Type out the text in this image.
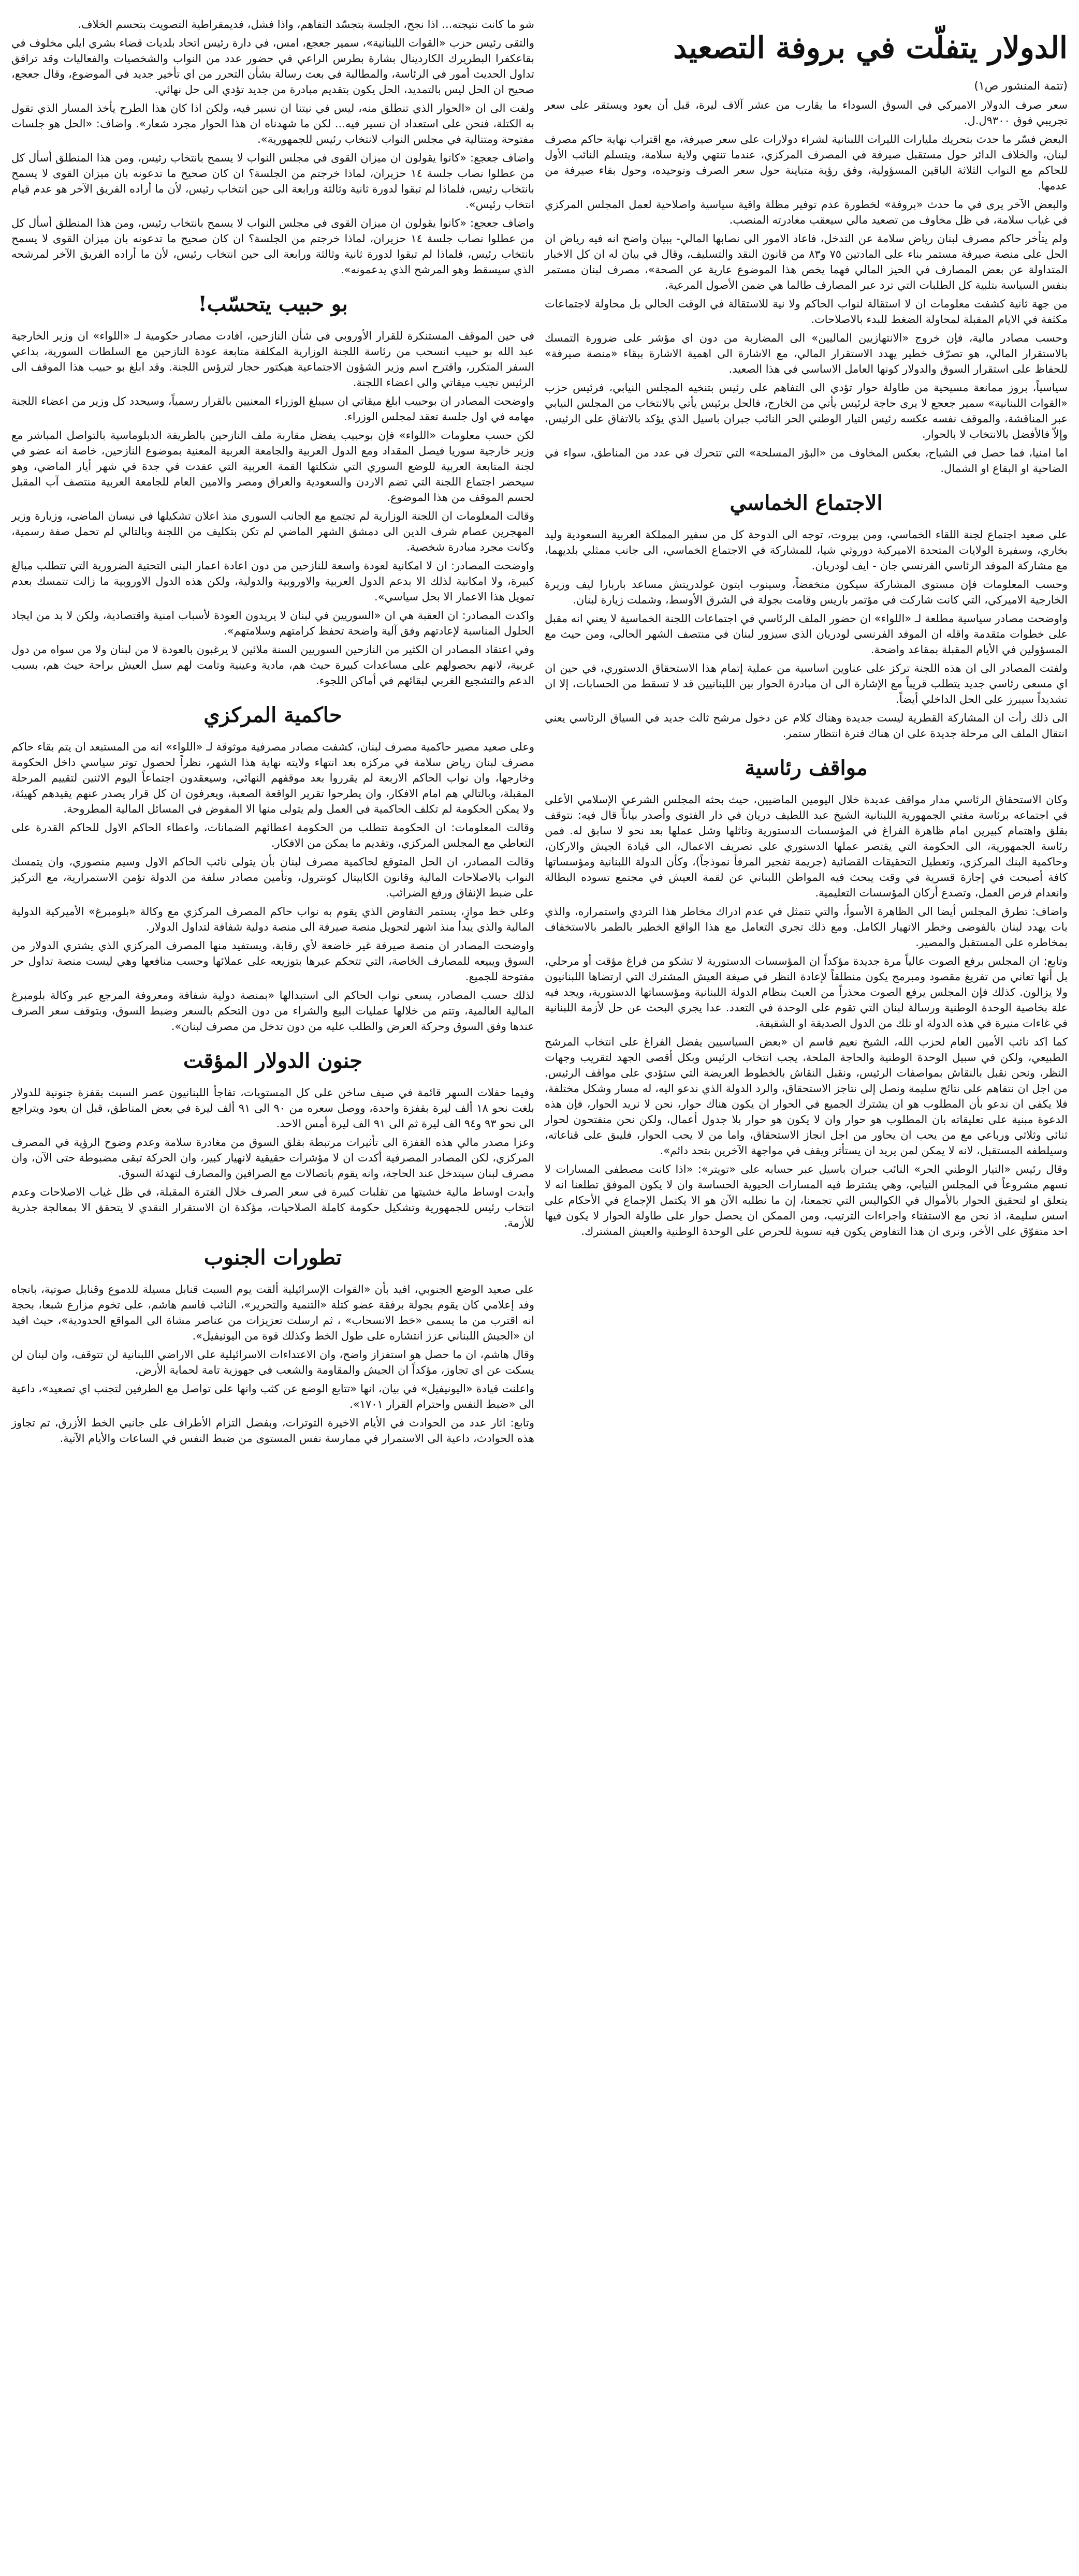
الدولار يتفلّت في بروفة التصعيد
(تتمة المنشور ص١)

سعر صرف الدولار الاميركي في السوق السوداء ما يقارب من عشر آلاف ليرة، قبل أن يعود ويستقر على سعر تجريبي فوق ٩٣٠٠ل.ل.

البعض فسّر ما حدث بتحريك مليارات الليرات اللبنانية لشراء دولارات على سعر صيرفة، مع اقتراب نهاية حاكم مصرف لبنان، والخلاف الدائر حول مستقبل صيرفة في المصرف المركزي، عندما تنتهي ولاية سلامة، ويتسلم النائب الأول للحاكم مع النواب الثلاثة الباقين المسؤولية، وفق رؤية متباينة حول سعر الصرف وتوحيده، وحول بقاء صيرفة من عدمها.

والبعض الآخر يرى في ما حدث «بروفة» لخطورة عدم توفير مظلة واقية سياسية واصلاحية لعمل المجلس المركزي في غياب سلامة، في ظل مخاوف من تصعيد مالي سيعقب مغادرته المنصب.

ولم يتأخر حاكم مصرف لبنان رياض سلامة عن التدخل، فاعاد الامور الى نصابها المالي- ببيان واضح انه فيه رياض ان الحل على منصة صيرفة مستمر بناء على المادتين ٧٥ و٨٣ من قانون النقد والتسليف، وقال في بيان له ان كل الاخبار المتداولة عن بعض المصارف في الحيز المالي فهما يخص هذا الموضوع عارية عن الصحة»، مصرف لبنان مستمر بنفس السياسة بتلبية كل الطلبات التي ترد عبر المصارف طالما هي ضمن الأصول المرعية.

من جهة ثانية كشفت معلومات ان لا استقالة لنواب الحاكم ولا نية للاستقالة في الوقت الحالي بل محاولة لاجتماعات مكثفة في الايام المقبلة لمحاولة الضغط للبدء بالاصلاحات.

وحسب مصادر مالية، فإن خروج «الانتهازيين الماليين» الى المضاربة من دون اي مؤشر على ضرورة التمسك بالاستقرار المالي، هو تصرّف خطير يهدد الاستقرار المالي، مع الاشارة الى اهمية الاشارة ببقاء «منصة صيرفة» للحفاظ على استقرار السوق والدولار كونها العامل الاساسي في هذا الصعيد.

سياسياً، بروز ممانعة مسيحية من طاولة حوار تؤدي الى التفاهم على رئيس بتنخيه المجلس النيابي، فرئيس حزب «القوات اللبنانية» سمير جعجع لا يرى حاجة لرئيس يأتي من الخارج، فالحل برئيس يأتي بالانتخاب من المجلس النيابي عبر المناقشة، والموقف نفسه عكسه رئيس التيار الوطني الحر النائب جبران باسيل الذي يؤكد بالاتفاق على الرئيس، وإلاّ فالأفضل بالانتخاب لا بالحوار.

اما امنيا، فما حصل في الشياح، بعكس المخاوف من «البؤر المسلحة» التي تتحرك في عدد من المناطق، سواء في الضاحية او البقاع او الشمال.

الاجتماع الخماسي

على صعيد اجتماع لجنة اللقاء الخماسي، ومن بيروت، توجه الى الدوحة كل من سفير المملكة العربية السعودية وليد بخاري، وسفيرة الولايات المتحدة الاميركية دوروثي شيا، للمشاركة في الاجتماع الخماسي، الى جانب ممثلي بلديهما، مع مشاركة الموفد الرئاسي الفرنسي جان - ايف لودريان.

وحسب المعلومات فإن مستوى المشاركة سيكون منخفضاً، وسينوب ايتون غولدريتش مساعد باربارا ليف وزيرة الخارجية الاميركي، التي كانت شاركت في مؤتمر باريس وقامت بجولة في الشرق الأوسط، وشملت زيارة لبنان.

واوضحت مصادر سياسية مطلعة لـ «اللواء» ان حضور الملف الرئاسي في اجتماعات اللجنة الخماسية لا يعني انه مقبل على خطوات متقدمة واقله ان الموفد الفرنسي لودريان الذي سيزور لبنان في منتصف الشهر الحالي، ومن حيث مع المسؤولين في الأيام المقبلة بمقاعد واضحة.

ولفتت المصادر الى ان هذه اللجنة تركز على عناوين اساسية من عملية إتمام هذا الاستحقاق الدستوري، في حين ان اي مسعى رئاسي جديد يتطلب قريباً مع الإشارة الى ان مبادرة الحوار بين اللبنانيين قد لا تسقط من الحسابات، إلا ان تشديداً سيبرز على الحل الداخلي أيضاً.

الى ذلك رأت ان المشاركة القطرية ليست جديدة وهناك كلام عن دخول مرشح ثالث جديد في السياق الرئاسي يعني انتقال الملف الى مرحلة جديدة على ان هناك فترة انتظار ستمر.

مواقف رئاسية

وكان الاستحقاق الرئاسي مدار مواقف عديدة خلال اليومين الماضيين، حيث بحثه المجلس الشرعي الإسلامي الأعلى في اجتماعه برئاسة مفتي الجمهورية اللبنانية الشيخ عبد اللطيف دريان في دار الفتوى وأصدر بياناً قال فيه: نتوقف بقلق واهتمام كبيرين امام ظاهرة الفراغ في المؤسسات الدستورية وتاثلها وشل عملها بعد نحو لا سابق له. فمن رئاسة الجمهورية، الى الحكومة التي يقتصر عملها الدستوري على تصريف الاعمال، الى قيادة الجيش والاركان، وحاكمية البنك المركزي، وتعطيل التحقيقات القضائية (جريمة تفجير المرفأ نموذجاً)، وكأن الدولة اللبنانية ومؤسساتها كافة أصبحت في إجازة قسرية في وقت يبحث فيه المواطن اللبناني عن لقمة العيش في مجتمع تسوده البطالة وانعدام فرص العمل، وتصدع أركان المؤسسات التعليمية.

واضاف: تطرق المجلس أيضا الى الظاهرة الأسوأ، والتي تتمثل في عدم ادراك مخاطر هذا التردي واستمراره، والذي بات يهدد لبنان بالفوضى وخطر الانهيار الكامل. ومع ذلك تجري التعامل مع هذا الواقع الخطير بالطمر بالاستخفاف بمخاطره على المستقبل والمصير.

وتابع: ان المجلس برفع الصوت عالياً مرة جديدة مؤكداً ان المؤسسات الدستورية لا تشكو من فراغ مؤقت أو مرحلي، بل أنها تعاني من تفريغ مقصود ومبرمج يكون منطلقاً لإعادة النظر في صيغة العيش المشترك التي ارتضاها اللبنانيون ولا يزالون. كذلك فإن المجلس يرفع الصوت محذراً من العبث بنظام الدولة اللبنانية ومؤسساتها الدستورية، ويجد فيه علة بخاصية الوحدة الوطنية ورسالة لبنان التي تقوم على الوحدة في التعدد. عدا يجري البحث عن حل لأزمة اللبنانية في غاءات منيرة في هذه الدولة او تلك من الدول الصديقة او الشقيقة.

كما اكد نائب الأمين العام لحزب الله، الشيخ نعيم قاسم ان «بعض السياسيين يفضل الفراغ على انتخاب المرشح الطبيعي، ولكن في سبيل الوحدة الوطنية والحاجة الملحة، يجب انتخاب الرئيس وبكل أقصى الجهد لتقريب وجهات النظر، ونحن نقبل بالنقاش بمواصفات الرئيس، ونقبل النقاش بالخطوط العريضة التي ستؤدي على مواقف الرئيس. من اجل ان نتفاهم على نتائج سليمة ونصل إلى نتاجز الاستحقاق، والرد الدولة الذي ندعو اليه، له مسار وشكل مختلفة، فلا يكفي ان ندعو بأن المطلوب هو ان يشترك الجميع في الحوار ان يكون هناك حوار، نحن لا نريد الحوار، فإن هذه الدعوة مبنية على تعليقاته بان المطلوب هو حوار وان لا يكون هو حوار بلا جدول أعمال، ولكن نحن منفتحون لحوار ثنائي وثلاثي ورباعي مع من يحب ان يحاور من اجل انجاز الاستحقاق، واما من لا يحب الحوار، فليبق على قناعاته، وسيلطفه المستقبل، لانه لا يمكن لمن يريد ان يستأثر ويقف في مواجهة الآخرين بتحد دائم».

وقال رئيس «التيار الوطني الحر» النائب جبران باسيل عبر حسابه على «تويتر»: «اذا كانت مصطفى المسارات لا نسهم مشروعاً في المجلس النيابي، وهي يشترط فيه المسارات الحيوية الحساسة وان لا يكون الموفق تطلعنا انه لا يتعلق او لتحقيق الحوار بالأموال في الكواليس التي تجمعنا، إن ما نطلبه الآن هو الا يكتمل الإجماع في الأحكام على اسس سليمة، اذ نحن مع الاستفتاء واجراءات الترتيب، ومن الممكن ان يحصل حوار على طاولة الحوار لا يكون فيها احد متفوّق على الأخر، ونرى ان هذا التفاوض يكون فيه تسوية للحرص على الوحدة الوطنية والعيش المشترك.

شو ما كانت نتيجته... اذا نجح، الجلسة بتجسّد التفاهم، واذا فشل، فديمقراطية التصويت بتحسم الخلاف.

والتقى رئيس حزب «القوات اللبنانية»، سمير جعجع، امس، في دارة رئيس اتحاد بلديات قضاء بشري ايلي مخلوف في بقاعكفرا البطريرك الكاردينال بشارة بطرس الراعي في حضور عدد من النواب والشخصيات والفعاليات وقد ترافق تداول الحديث أمور في الرئاسة، والمطالبة في بعث رسالة بشأن التحرر من اي تأخير جديد في الموضوع، وقال جعجع، صحيح ان الحل ليس بالتمديد، الحل يكون بتقديم مبادرة من جديد تؤدي الى حل نهائي.

ولفت الى ان «الحوار الذي تنطلق منه، ليس في نيتنا ان نسير فيه، ولكن اذا كان هذا الطرح يأخذ المسار الذي تقول به الكتلة، فنحن على استعداد ان نسير فيه... لكن ما شهدناه ان هذا الحوار مجرد شعار». واضاف: «الحل هو جلسات مفتوحة ومتتالية في مجلس النواب لانتخاب رئيس للجمهورية».

واضاف جعجع: «كانوا يقولون ان ميزان القوى في مجلس النواب لا يسمح بانتخاب رئيس، ومن هذا المنطلق أسأل كل من عطلوا نصاب جلسة ١٤ حزيران، لماذا خرجتم من الجلسة؟ ان كان صحيح ما تدعونه بان ميزان القوى لا يسمح بانتخاب رئيس، فلماذا لم تبقوا لدورة ثانية وثالثة ورابعة الى حين انتخاب رئيس، لأن ما أراده الفريق الآخر هو عدم قيام انتخاب رئيس».

واضاف جعجع: «كانوا يقولون ان ميزان القوى في مجلس النواب لا يسمح بانتخاب رئيس، ومن هذا المنطلق أسأل كل من عطلوا نصاب جلسة ١٤ حزيران، لماذا خرجتم من الجلسة؟ ان كان صحيح ما تدعونه بان ميزان القوى لا يسمح بانتخاب رئيس، فلماذا لم تبقوا لدورة ثانية وثالثة ورابعة الى حين انتخاب رئيس، لأن ما أراده الفريق الآخر لمرشحه الذي سيسقط وهو المرشح الذي يدعمونه».

بو حبيب يتحسّب!

في حين الموقف المستنكرة للقرار الأوروبي في شأن النازحين، افادت مصادر حكومية لـ «اللواء» ان وزير الخارجية عبد الله بو حبيب انسحب من رئاسة اللجنة الوزارية المكلفة متابعة عودة النازحين مع السلطات السورية، بداعي السفر المتكرر، واقترح اسم وزير الشؤون الاجتماعية هيكتور حجار لترؤس اللجنة. وقد ابلغ بو حبيب هذا الموقف الى الرئيس نجيب ميقاتي والى اعضاء اللجنة.

واوضحت المصادر ان بوحبيب ابلغ ميقاتي ان سيبلغ الوزراء المعنيين بالقرار رسمياً، وسيحدد كل وزير من اعضاء اللجنة مهامه في اول جلسة تعقد لمجلس الوزراء.

لكن حسب معلومات «اللواء» فإن بوحبيب يفضل مقاربة ملف النازحين بالطريقة الدبلوماسية بالتواصل المباشر مع وزير خارجية سوريا فيصل المقداد ومع الدول العربية والجامعة العربية المعنية بموضوع النازحين، خاصة انه عضو في لجنة المتابعة العربية للوضع السوري التي شكلتها القمة العربية التي عقدت في جدة في شهر أيار الماضي، وهو سيحضر اجتماع اللجنة التي تضم الاردن والسعودية والعراق ومصر والامين العام للجامعة العربية منتصف آب المقبل لحسم الموقف من هذا الموضوع.

وقالت المعلومات ان اللجنة الوزارية لم تجتمع مع الجانب السوري منذ اعلان تشكيلها في نيسان الماضي، وزيارة وزير المهجرين عصام شرف الدين الى دمشق الشهر الماضي لم تكن بتكليف من اللجنة وبالتالي لم تحمل صفة رسمية، وكانت مجرد مبادرة شخصية.

واوضحت المصادر: ان لا امكانية لعودة واسعة للنازحين من دون اعادة اعمار البنى التحتية الضرورية التي تتطلب مبالغ كبيرة، ولا امكانية لذلك الا بدعم الدول العربية والاوروبية والدولية، ولكن هذه الدول الاوروبية ما زالت تتمسك بعدم تمويل هذا الاعمار الا بحل سياسي».

واكدت المصادر: ان العقبة هي ان «السوريين في لبنان لا يريدون العودة لأسباب امنية واقتصادية، ولكن لا بد من ايجاد الحلول المناسبة لإعادتهم وفق آلية واضحة تحفظ كرامتهم وسلامتهم».

وفي اعتقاد المصادر ان الكثير من النازحين السوريين السنة ملائين لا يرغبون بالعودة لا من لبنان ولا من سواه من دول غربية، لانهم بحصولهم على مساعدات كبيرة حيث هم، مادية وعينية وتامت لهم سبل العيش براحة حيث هم، بسبب الدعم والتشجيع الغربي لبقائهم في أماكن اللجوء.

حاكمية المركزي

وعلى صعيد مصير حاكمية مصرف لبنان، كشفت مصادر مصرفية موثوقة لـ «اللواء» انه من المستبعد ان يتم بقاء حاكم مصرف لبنان رياض سلامة في مركزه بعد انتهاء ولايته نهاية هذا الشهر، نظراً لحصول توتر سياسي داخل الحكومة وخارجها، وان نواب الحاكم الاربعة لم يقرروا بعد موقفهم النهائي، وسيعقدون اجتماعاً اليوم الاثنين لتقييم المرحلة المقبلة، وبالتالي هم امام الافكار، وان يطرحوا تقرير الواقعة الصعبة، ويعرفون ان كل قرار يصدر عنهم يقيدهم كهيئة، ولا يمكن الحكومة لم تكلف الحاكمية في العمل ولم يتولى منها الا المفوض في المسائل المالية المطروحة.

وقالت المعلومات: ان الحكومة تتطلب من الحكومة اعطائهم الضمانات، واعطاء الحاكم الاول للحاكم القدرة على التعاطي مع المجلس المركزي، وتقديم ما يمكن من الافكار.

وقالت المصادر، ان الحل المتوقع لحاكمية مصرف لبنان بأن يتولى نائب الحاكم الاول وسيم منصوري، وان يتمسك النواب بالاصلاحات المالية وقانون الكابيتال كونترول، وتأمين مصادر سلفة من الدولة تؤمن الاستمرارية، مع التركيز على ضبط الإنفاق ورفع الضرائب.

وعلى خط موازٍ، يستمر التفاوض الذي يقوم به نواب حاكم المصرف المركزي مع وكالة «بلومبرغ» الأميركية الدولية المالية والذي يبدأ منذ اشهر لتحويل منصة صيرفة الى منصة دولية شفافة لتداول الدولار.

واوضحت المصادر ان منصة صيرفة غير خاضعة لأي رقابة، ويستفيد منها المصرف المركزي الذي يشتري الدولار من السوق ويبيعه للمصارف الخاصة، التي تتحكم عبرها بتوزيعه على عملائها وحسب منافعها وهي ليست منصة تداول حر مفتوحة للجميع.

لذلك حسب المصادر، يسعى نواب الحاكم الى استبدالها «بمنصة دولية شفافة ومعروفة المرجع عبر وكالة بلومبرغ المالية العالمية، وتتم من خلالها عمليات البيع والشراء من دون التحكم بالسعر وضبط السوق، وبتوقف سعر الصرف عندها وفق السوق وحركة العرض والطلب عليه من دون تدخل من مصرف لبنان».

جنون الدولار المؤقت

وفيما حفلات السهر قائمة في صيف ساخن على كل المستويات، تفاجأ اللبنانيون عصر السبت بقفزة جنونية للدولار بلغت نحو ١٨ ألف ليرة بقفزة واحدة، ووصل سعره من ٩٠ الى ٩١ ألف ليرة في بعض المناطق، قبل ان يعود ويتراجع الى نحو ٩٣ و٩٤ الف ليرة ثم الى ٩١ الف ليرة أمس الاحد.

وعزا مصدر مالي هذه القفزة الى تأثيرات مرتبطة بقلق السوق من مغادرة سلامة وعدم وضوح الرؤية في المصرف المركزي، لكن المصادر المصرفية أكدت ان لا مؤشرات حقيقية لانهيار كبير، وان الحركة تبقى مضبوطة حتى الآن، وان مصرف لبنان سيتدخل عند الحاجة، وانه يقوم باتصالات مع الصرافين والمصارف لتهدئة السوق.

وأبدت اوساط مالية خشيتها من تقلبات كبيرة في سعر الصرف خلال الفترة المقبلة، في ظل غياب الاصلاحات وعدم انتخاب رئيس للجمهورية وتشكيل حكومة كاملة الصلاحيات، مؤكدة ان الاستقرار النقدي لا يتحقق الا بمعالجة جذرية للأزمة.

تطورات الجنوب

على صعيد الوضع الجنوبي، افيد بأن «القوات الإسرائيلية ألقت يوم السبت قنابل مسيلة للدموع وقنابل صوتية، باتجاه وفد إعلامي كان يقوم بجولة برفقة عضو كتلة «التنمية والتحرير»، النائب قاسم هاشم، على تخوم مزارع شبعا، بحجة انه اقترب من ما يسمى «خط الانسحاب» ، ثم ارسلت تعزيزات من عناصر مشاة الى المواقع الحدودية»، حيث افيد ان «الجيش اللبناني عزز انتشاره على طول الخط وكذلك قوة من اليونيفيل».

وقال هاشم، ان ما حصل هو استفزاز واضح، وان الاعتداءات الاسرائيلية على الاراضي اللبنانية لن تتوقف، وان لبنان لن يسكت عن اي تجاوز، مؤكداً ان الجيش والمقاومة والشعب في جهوزية تامة لحماية الأرض.

واعلنت قيادة «اليونيفيل» في بيان، انها «تتابع الوضع عن كثب وانها على تواصل مع الطرفين لتجنب اي تصعيد»، داعية الى «ضبط النفس واحترام القرار ١٧٠١».

وتابع: اثار عدد من الحوادث في الأيام الاخيرة التوترات، وبفضل التزام الأطراف على جانبي الخط الأزرق، تم تجاوز هذه الحوادث، داعية الى الاستمرار في ممارسة نفس المستوى من ضبط النفس في الساعات والأيام الآتية.
